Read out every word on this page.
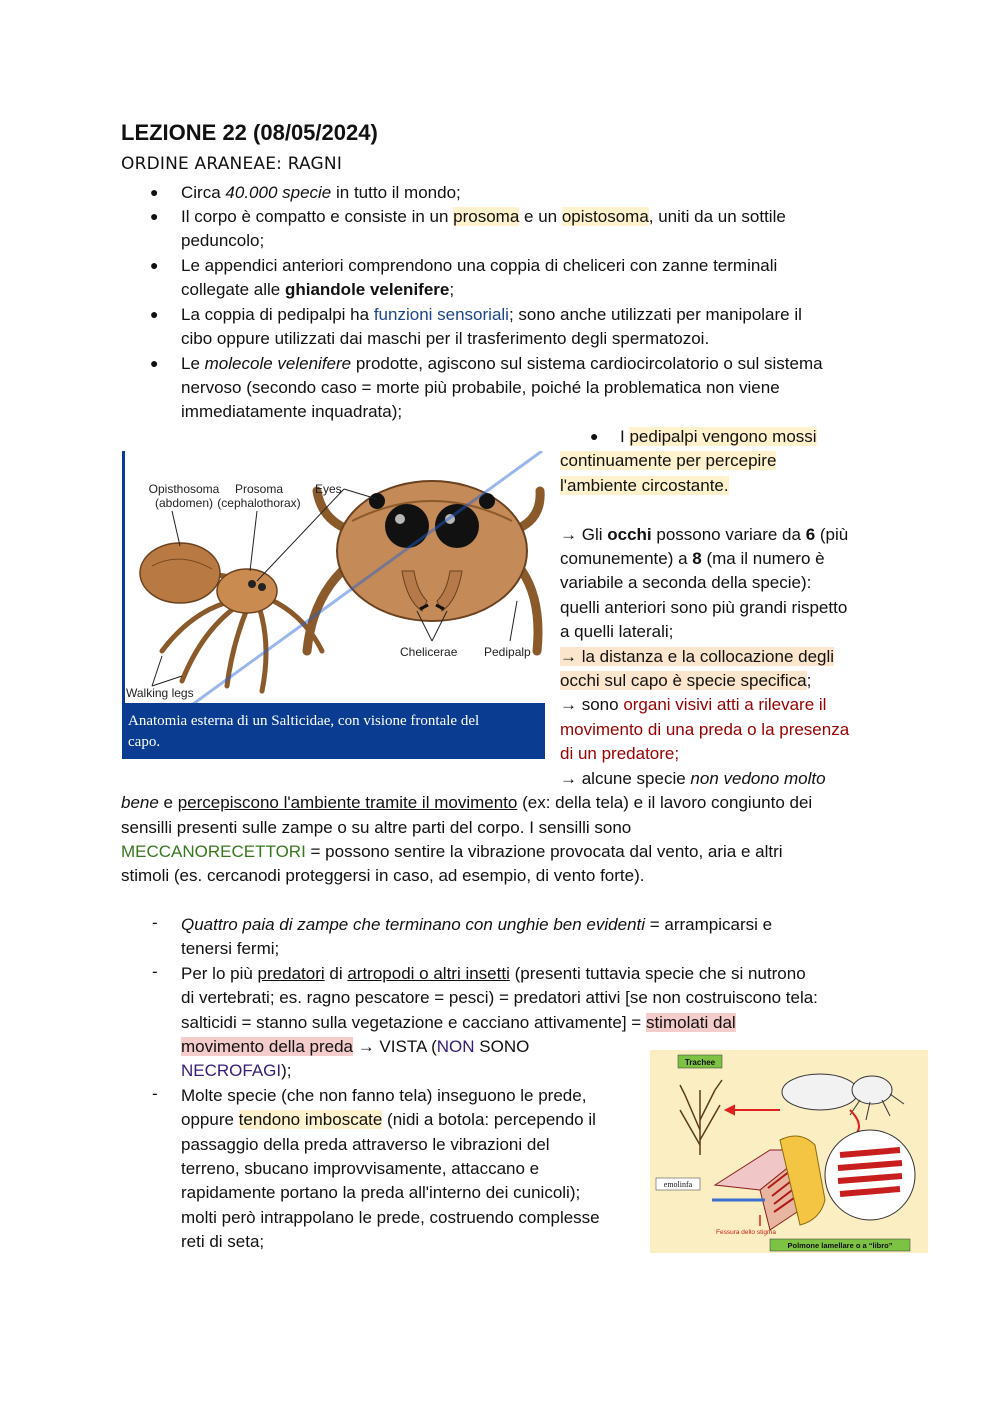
LEZIONE 22 (08/05/2024)
ORDINE ARANEAE: RAGNI
● Circa 40.000 specie in tutto il mondo;
● Il corpo è compatto e consiste in un prosoma e un opistosoma, uniti da un sottile
peduncolo;
● Le appendici anteriori comprendono una coppia di cheliceri con zanne terminali
collegate alle ghiandole velenifere;
● La coppia di pedipalpi ha funzioni sensoriali; sono anche utilizzati per manipolare il
cibo oppure utilizzati dai maschi per il trasferimento degli spermatozoi.
● Le molecole velenifere prodotte, agiscono sul sistema cardiocircolatorio o sul sistema
nervoso (secondo caso = morte più probabile, poiché la problematica non viene
immediatamente inquadrata);
● I pedipalpi vengono mossi
continuamente per percepire
l'ambiente circostante.
→ Gli occhi possono variare da 6 (più
comunemente) a 8 (ma il numero è
variabile a seconda della specie):
quelli anteriori sono più grandi rispetto
a quelli laterali;
→ la distanza e la collocazione degli
occhi sul capo è specie specifica;
→ sono organi visivi atti a rilevare il
movimento di una preda o la presenza
di un predatore;
→ alcune specie non vedono molto
bene e percepiscono l'ambiente tramite il movimento (ex: della tela) e il lavoro congiunto dei
sensilli presenti sulle zampe o su altre parti del corpo. I sensilli sono
MECCANORECETTORI = possono sentire la vibrazione provocata dal vento, aria e altri
stimoli (es. cercanodi proteggersi in caso, ad esempio, di vento forte).
- Quattro paia di zampe che terminano con unghie ben evidenti = arrampicarsi e
tenersi fermi;
- Per lo più predatori di artropodi o altri insetti (presenti tuttavia specie che si nutrono
di vertebrati; es. ragno pescatore = pesci) = predatori attivi [se non costruiscono tela:
salticidi = stanno sulla vegetazione e cacciano attivamente] = stimolati dal
movimento della preda → VISTA (NON SONO
NECROFAGI);
- Molte specie (che non fanno tela) inseguono le prede,
oppure tendono imboscate (nidi a botola: percependo il
passaggio della preda attraverso le vibrazioni del
terreno, sbucano improvvisamente, attaccano e
rapidamente portano la preda all'interno dei cunicoli);
molti però intrappolano le prede, costruendo complesse
reti di seta;
Opisthosoma
(abdomen)
Prosoma
(cephalothorax)
Eyes
Chelicerae Pedipalp
Walking legs
Anatomia esterna di un Salticidae, con visione frontale del
capo.
Trachee
emolinfa
Fessura dello stigma
Polmone lamellare o a “libro”
